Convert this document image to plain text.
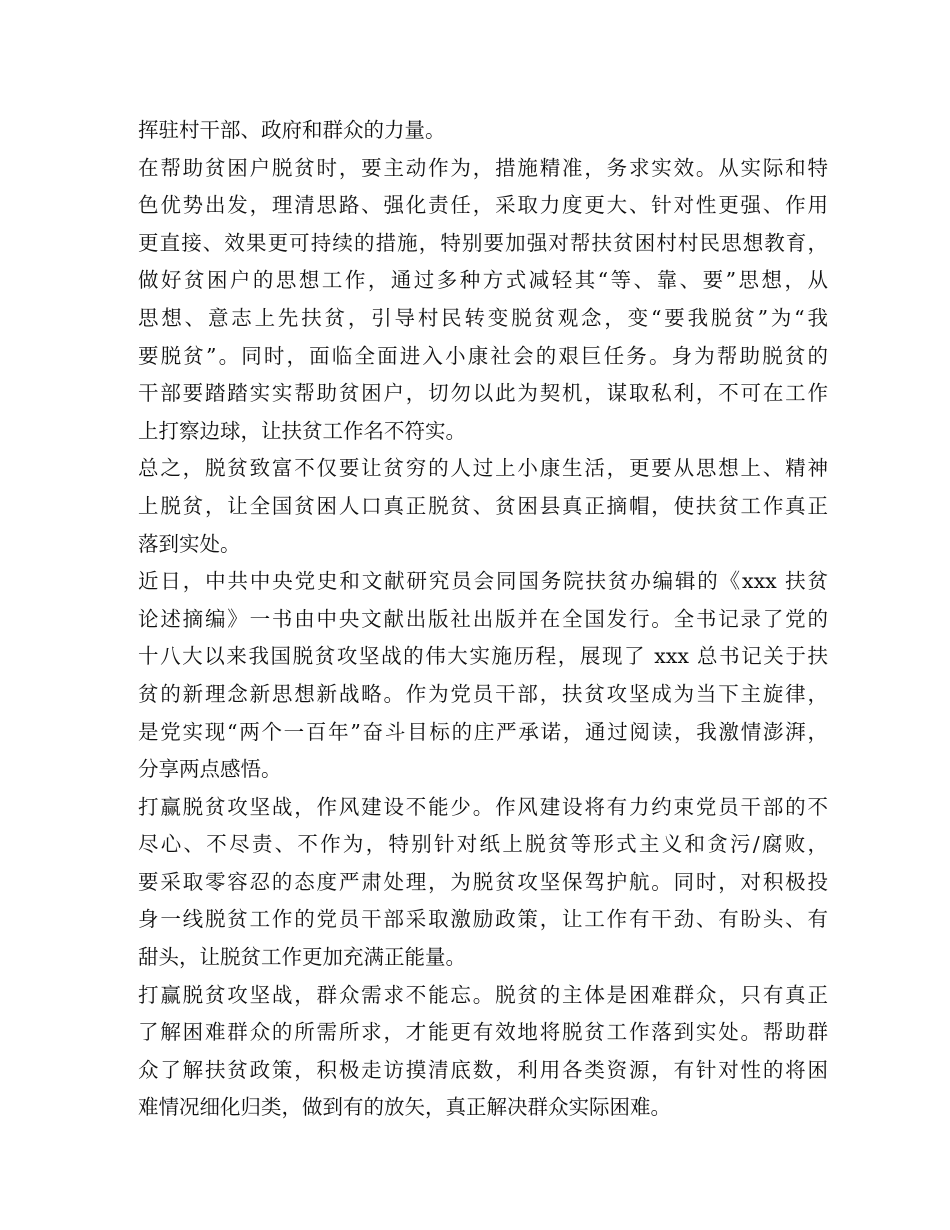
挥驻村干部、政府和群众的力量。
在帮助贫困户脱贫时，要主动作为，措施精准，务求实效。从实际和特
色优势出发，理清思路、强化责任，采取力度更大、针对性更强、作用
更直接、效果更可持续的措施，特别要加强对帮扶贫困村村民思想教育，
做好贫困户的思想工作，通过多种方式减轻其“等、靠、要”思想，从
思想、意志上先扶贫，引导村民转变脱贫观念，变“要我脱贫”为“我
要脱贫”。同时，面临全面进入小康社会的艰巨任务。身为帮助脱贫的
干部要踏踏实实帮助贫困户，切勿以此为契机，谋取私利，不可在工作
上打察边球，让扶贫工作名不符实。
总之，脱贫致富不仅要让贫穷的人过上小康生活，更要从思想上、精神
上脱贫，让全国贫困人口真正脱贫、贫困县真正摘帽，使扶贫工作真正
落到实处。
近日，中共中央党史和文献研究员会同国务院扶贫办编辑的《xxx 扶贫
论述摘编》一书由中央文献出版社出版并在全国发行。全书记录了党的
十八大以来我国脱贫攻坚战的伟大实施历程，展现了 xxx 总书记关于扶
贫的新理念新思想新战略。作为党员干部，扶贫攻坚成为当下主旋律，
是党实现“两个一百年”奋斗目标的庄严承诺，通过阅读，我激情澎湃，
分享两点感悟。
打赢脱贫攻坚战，作风建设不能少。作风建设将有力约束党员干部的不
尽心、不尽责、不作为，特别针对纸上脱贫等形式主义和贪污/腐败，
要采取零容忍的态度严肃处理，为脱贫攻坚保驾护航。同时，对积极投
身一线脱贫工作的党员干部采取激励政策，让工作有干劲、有盼头、有
甜头，让脱贫工作更加充满正能量。
打赢脱贫攻坚战，群众需求不能忘。脱贫的主体是困难群众，只有真正
了解困难群众的所需所求，才能更有效地将脱贫工作落到实处。帮助群
众了解扶贫政策，积极走访摸清底数，利用各类资源，有针对性的将困
难情况细化归类，做到有的放矢，真正解决群众实际困难。
